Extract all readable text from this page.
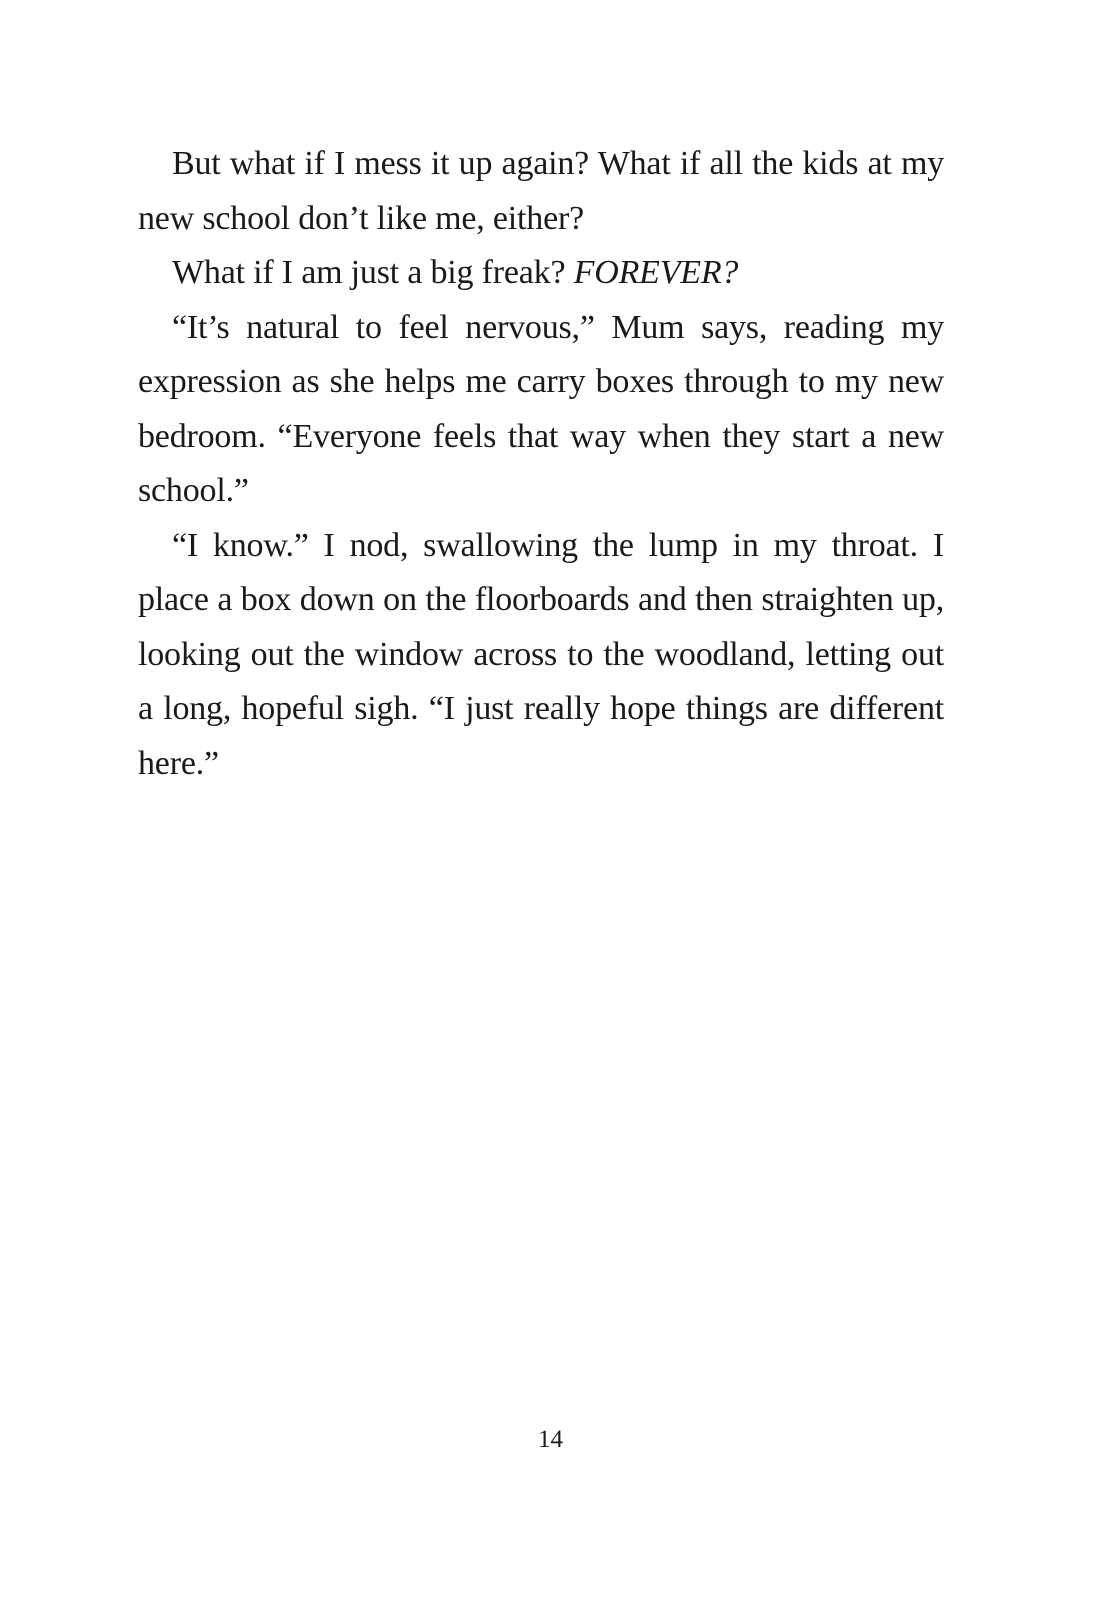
But what if I mess it up again? What if all the kids at my new school don’t like me, either?

What if I am just a big freak? FOREVER?

“It’s natural to feel nervous,” Mum says, reading my expression as she helps me carry boxes through to my new bedroom. “Everyone feels that way when they start a new school.”

“I know.” I nod, swallowing the lump in my throat. I place a box down on the floorboards and then straighten up, looking out the window across to the woodland, letting out a long, hopeful sigh. “I just really hope things are different here.”

14
